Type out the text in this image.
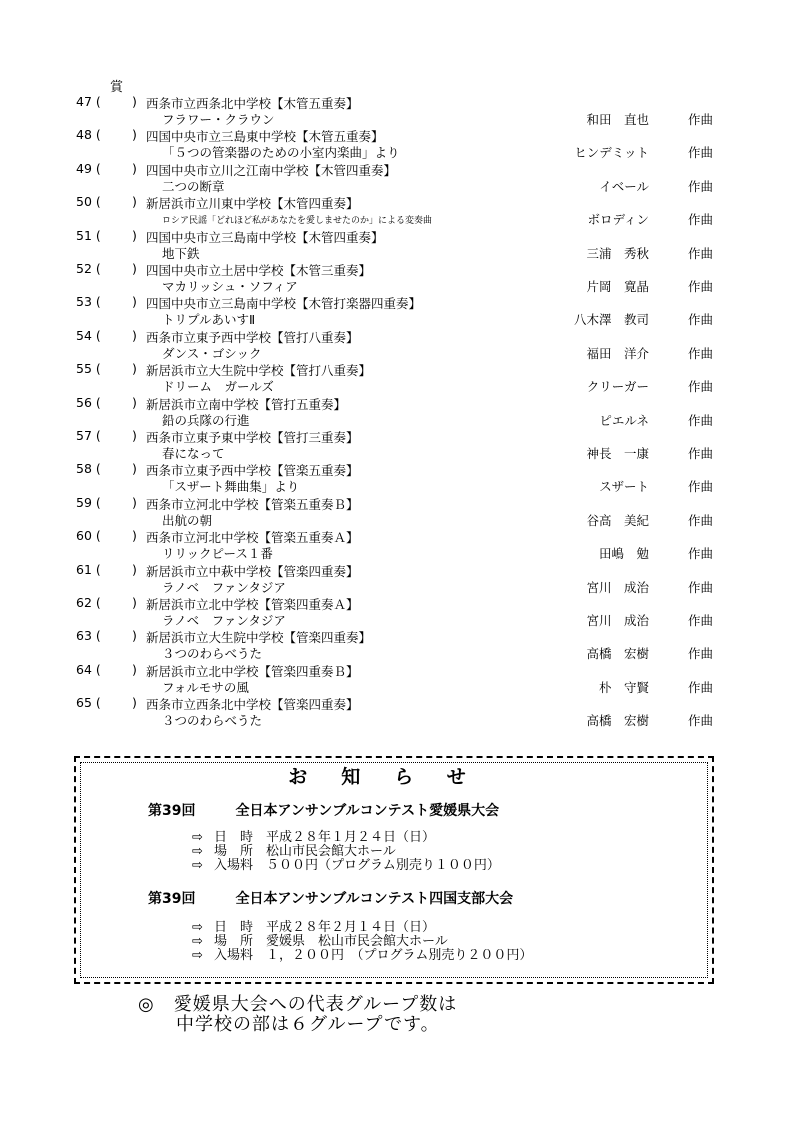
賞
47 ( ) 西条市立西条北中学校【木管五重奏】
フラワー・クラウン	和田　直也	作曲
48 ( ) 四国中央市立三島東中学校【木管五重奏】
「５つの管楽器のための小室内楽曲」より	ヒンデミット	作曲
49 ( ) 四国中央市立川之江南中学校【木管四重奏】
二つの断章	イベール	作曲
50 ( ) 新居浜市立川東中学校【木管四重奏】
ロシア民謡「どれほど私があなたを愛しませたのか」による変奏曲	ボロディン	作曲
51 ( ) 四国中央市立三島南中学校【木管四重奏】
地下鉄	三浦　秀秋	作曲
52 ( ) 四国中央市立土居中学校【木管三重奏】
マカリッシュ・ソフィア	片岡　寛晶	作曲
53 ( ) 四国中央市立三島南中学校【木管打楽器四重奏】
トリプルあいすⅡ	八木澤　教司	作曲
54 ( ) 西条市立東予西中学校【管打八重奏】
ダンス・ゴシック	福田　洋介	作曲
55 ( ) 新居浜市立大生院中学校【管打八重奏】
ドリーム　ガールズ	クリーガー	作曲
56 ( ) 新居浜市立南中学校【管打五重奏】
鉛の兵隊の行進	ピエルネ	作曲
57 ( ) 西条市立東予東中学校【管打三重奏】
春になって	神長　一康	作曲
58 ( ) 西条市立東予西中学校【管楽五重奏】
「スザート舞曲集」より	スザート	作曲
59 ( ) 西条市立河北中学校【管楽五重奏Ｂ】
出航の朝	谷高　美紀	作曲
60 ( ) 西条市立河北中学校【管楽五重奏Ａ】
リリックピース１番	田嶋　勉	作曲
61 ( ) 新居浜市立中萩中学校【管楽四重奏】
ラノベ　ファンタジア	宮川　成治	作曲
62 ( ) 新居浜市立北中学校【管楽四重奏Ａ】
ラノベ　ファンタジア	宮川　成治	作曲
63 ( ) 新居浜市立大生院中学校【管楽四重奏】
３つのわらべうた	高橋　宏樹	作曲
64 ( ) 新居浜市立北中学校【管楽四重奏Ｂ】
フォルモサの風	朴　守賢	作曲
65 ( ) 西条市立西条北中学校【管楽四重奏】
３つのわらべうた	高橋　宏樹	作曲
お知らせ
第39回	全日本アンサンブルコンテスト愛媛県大会
⇨ 日　時　平成２８年１月２４日（日）
⇨ 場　所　松山市民会館大ホール
⇨ 入場料　５００円（プログラム別売り１００円）
第39回	全日本アンサンブルコンテスト四国支部大会
⇨ 日　時　平成２８年２月１４日（日）
⇨ 場　所　愛媛県　松山市民会館大ホール
⇨ 入場料　１，２００円　（プログラム別売り２００円）
◎　愛媛県大会への代表グループ数は
　　中学校の部は６グループです。
